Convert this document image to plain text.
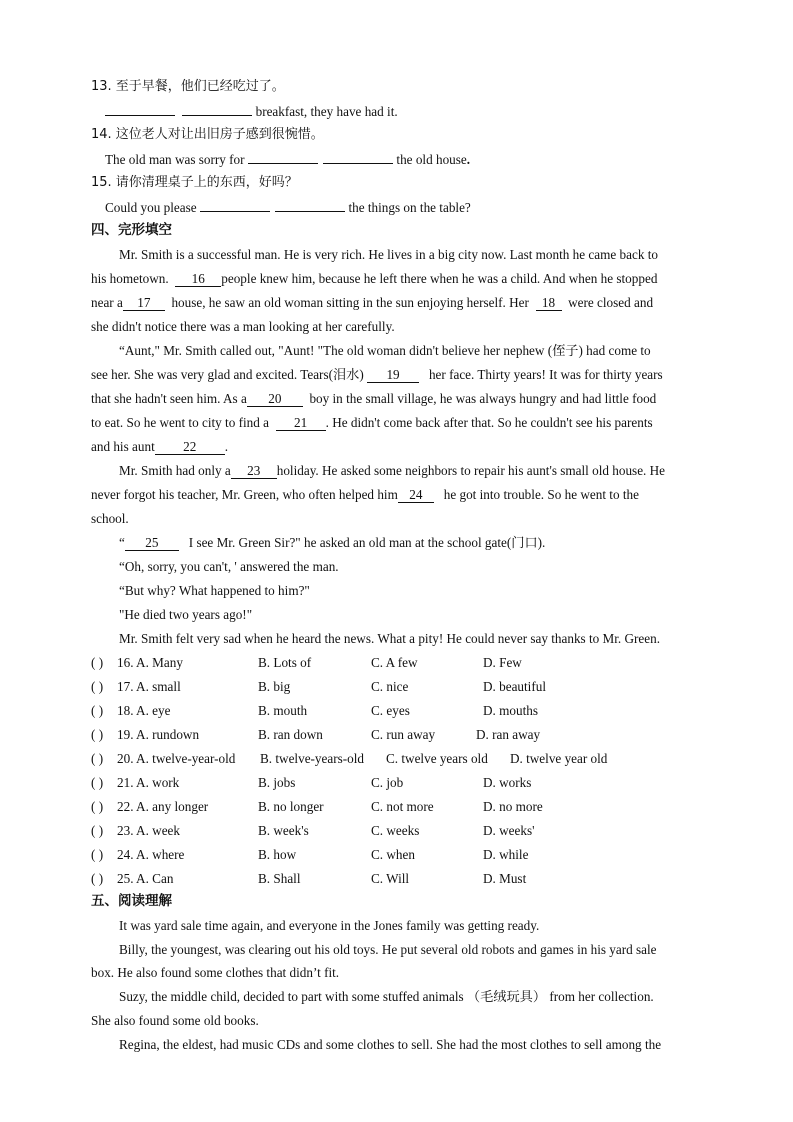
13. 至于早餐，他们已经吃过了。
breakfast, they have had it.
14. 这位老人对让出旧房子感到很惋惜。
The old man was sorry for	the old house.
15. 请你清理桌子上的东西，好吗？
Could you please	the things on the table?
四、完形填空
Mr. Smith is a successful man. He is very rich. He lives in a big city now. Last month he came back to
his hometown. 16 people knew him, because he left there when he was a child. And when he stopped
near a 17 house, he saw an old woman sitting in the sun enjoying herself. Her 18 were closed and
she didn't notice there was a man looking at her carefully.
“Aunt," Mr. Smith called out, "Aunt! "The old woman didn't believe her nephew (侄子) had come to
see her. She was very glad and excited. Tears(泪水) 19 her face. Thirty years! It was for thirty years
that she hadn't seen him. As a 20 boy in the small village, he was always hungry and had little food
to eat. So he went to city to find a 21 . He didn't come back after that. So he couldn't see his parents
and his aunt 22 .
Mr. Smith had only a 23 holiday. He asked some neighbors to repair his aunt's small old house. He
never forgot his teacher, Mr. Green, who often helped him 24 he got into trouble. So he went to the
school.
“ 25 I see Mr. Green Sir?" he asked an old man at the school gate(门口).
“Oh, sorry, you can't, ' answered the man.
“But why? What happened to him?"
"He died two years ago!"
Mr. Smith felt very sad when he heard the news. What a pity! He could never say thanks to Mr. Green.
( ) 16. A. Many	B. Lots of	C. A few	D. Few
( ) 17. A. small	B. big	C. nice	D. beautiful
( ) 18. A. eye	B. mouth	C. eyes	D. mouths
( ) 19. A. rundown	B. ran down	C. run away	D. ran away
( ) 20. A. twelve-year-old B. twelve-years-old C. twelve years old D. twelve year old
( ) 21. A. work	B. jobs	C. job	D. works
( ) 22. A. any longer	B. no longer	C. not more	D. no more
( ) 23. A. week	B. week's	C. weeks	D. weeks'
( ) 24. A. where	B. how	C. when	D. while
( ) 25. A. Can	B. Shall	C. Will	D. Must
五、阅读理解
It was yard sale time again, and everyone in the Jones family was getting ready.
Billy, the youngest, was clearing out his old toys. He put several old robots and games in his yard sale
box. He also found some clothes that didn’t fit.
Suzy, the middle child, decided to part with some stuffed animals （毛绒玩具） from her collection.
She also found some old books.
Regina, the eldest, had music CDs and some clothes to sell. She had the most clothes to sell among the
